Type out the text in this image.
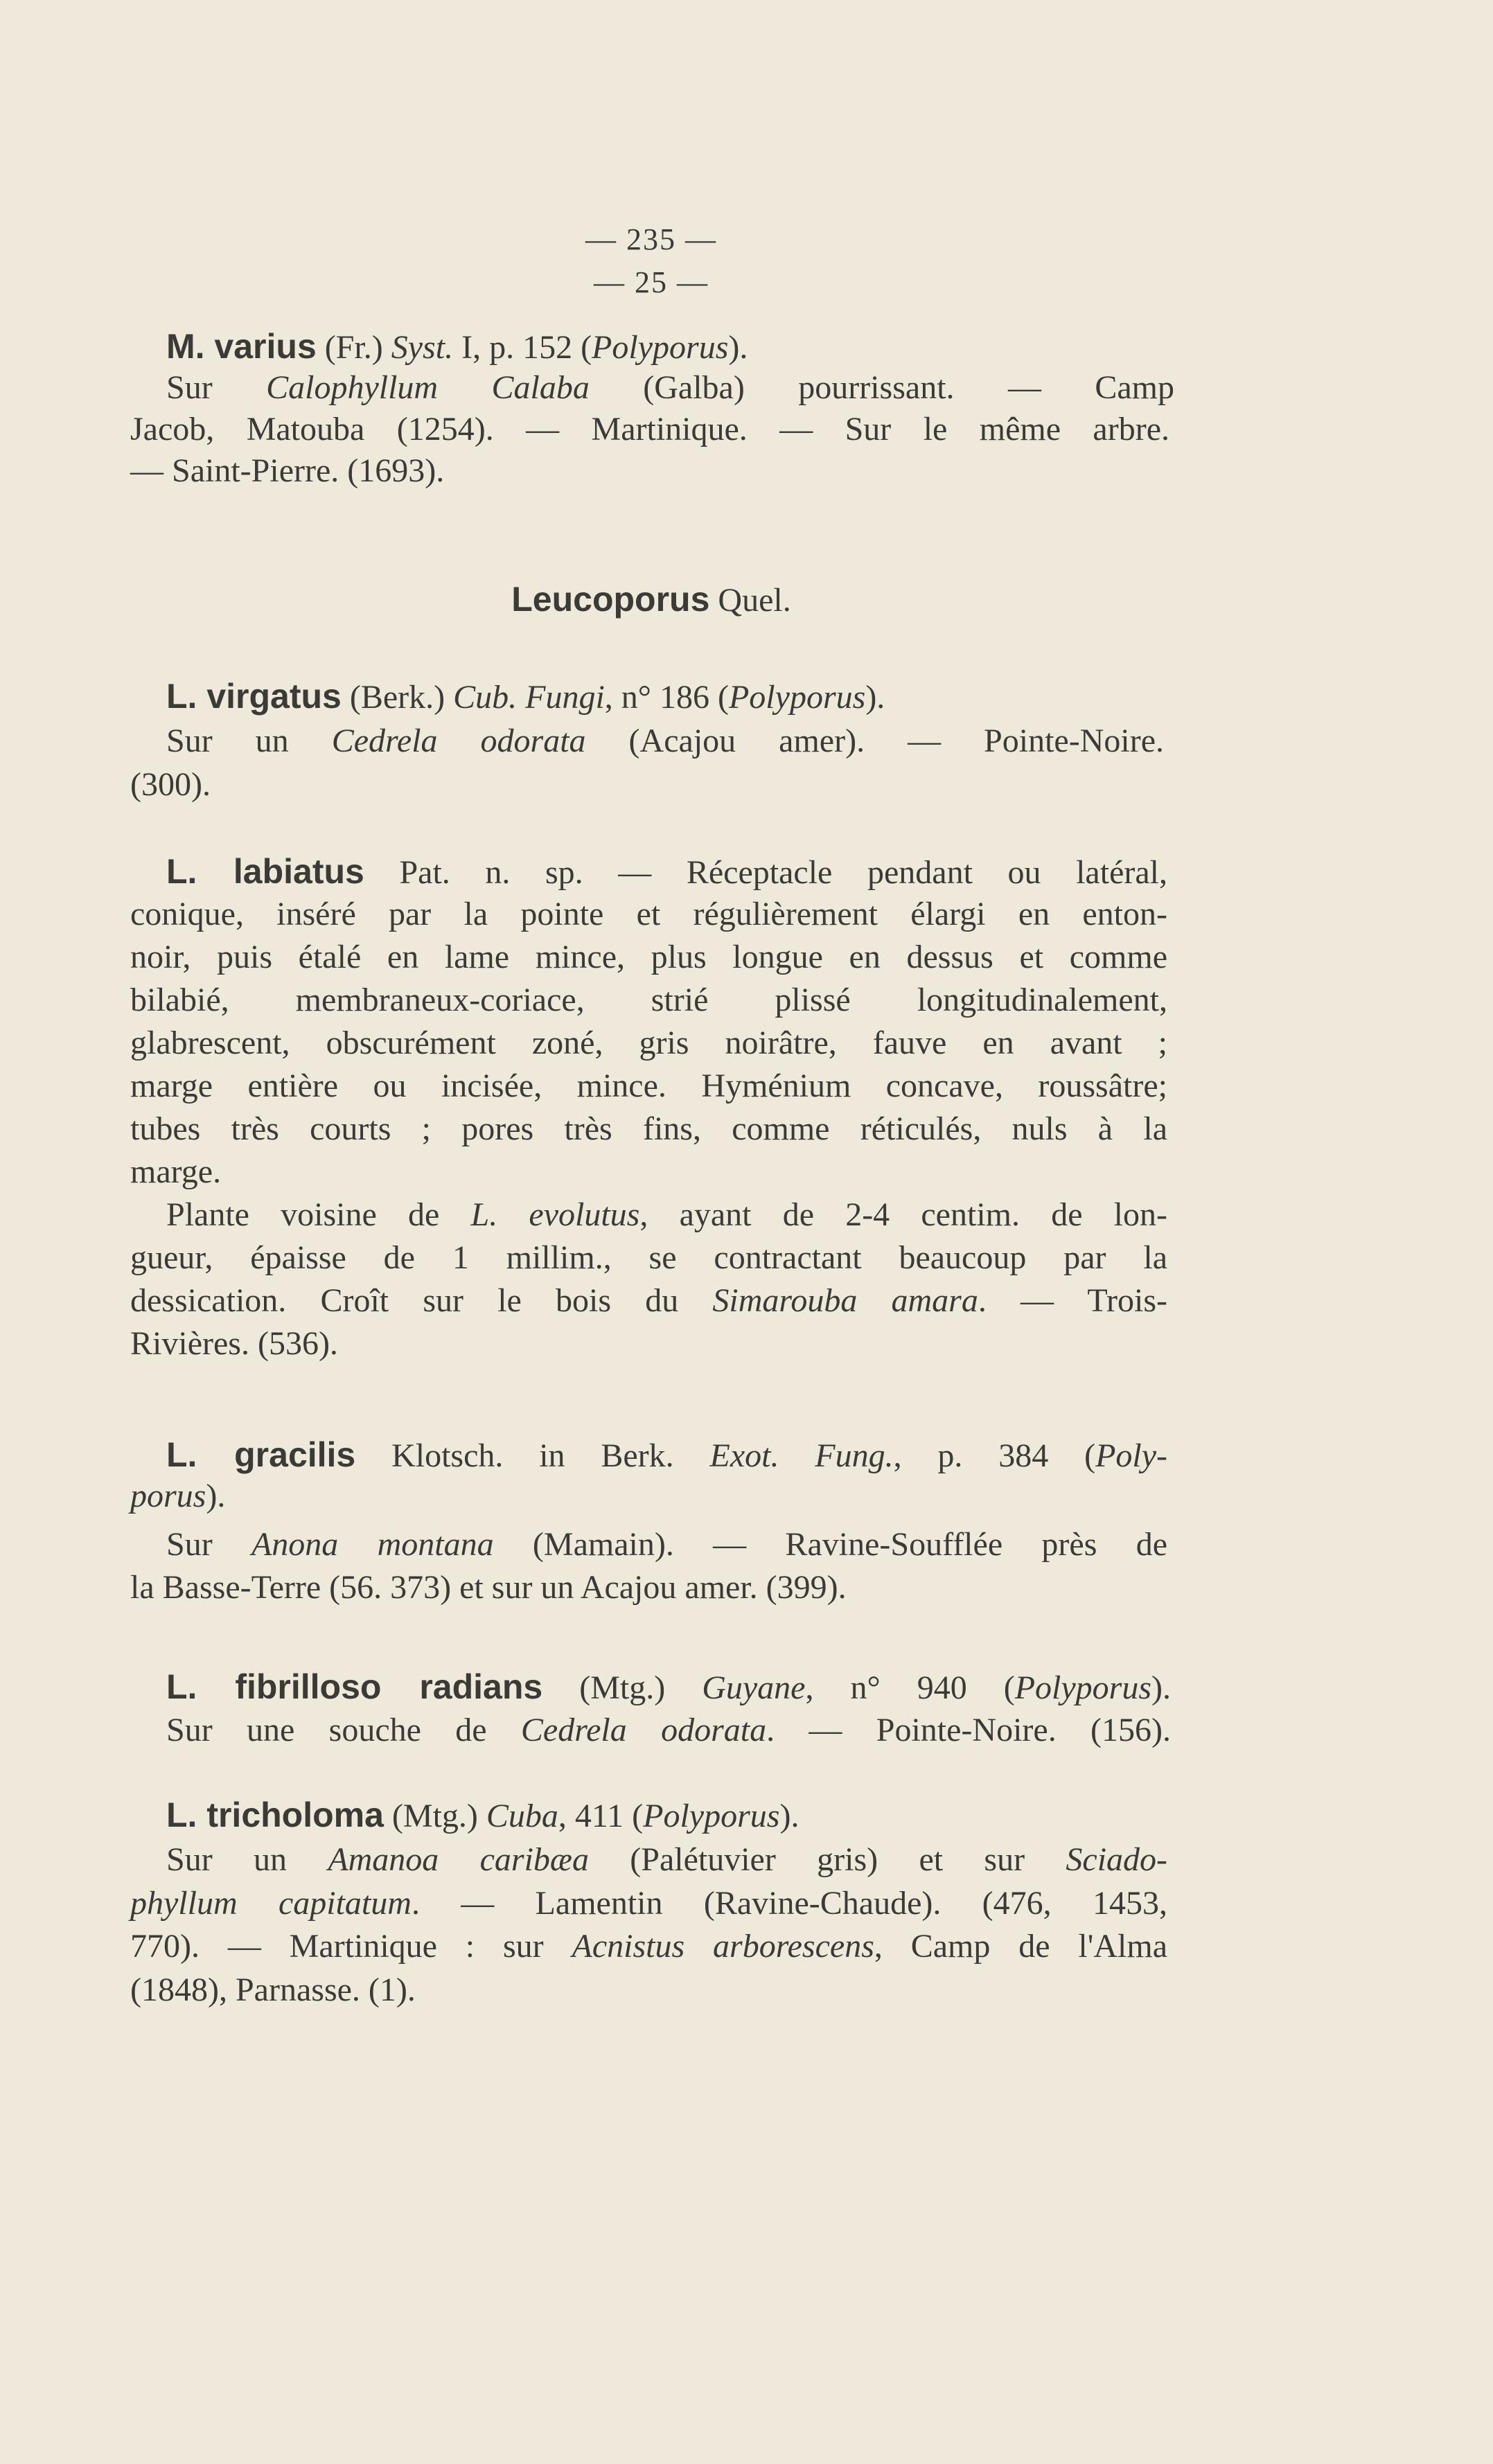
— 235 —
— 25 —
M. varius (Fr.) Syst. I, p. 152 (Polyporus).
Sur Calophyllum Calaba (Galba) pourrissant. — Camp
Jacob, Matouba (1254). — Martinique. — Sur le même arbre.
— Saint-Pierre. (1693).
Leucoporus Quel.
L. virgatus (Berk.) Cub. Fungi, n° 186 (Polyporus).
Sur un Cedrela odorata (Acajou amer). — Pointe-Noire.
(300).
L. labiatus Pat. n. sp. — Réceptacle pendant ou latéral,
conique, inséré par la pointe et régulièrement élargi en enton-
noir, puis étalé en lame mince, plus longue en dessus et comme
bilabié, membraneux-coriace, strié plissé longitudinalement,
glabrescent, obscurément zoné, gris noirâtre, fauve en avant ;
marge entière ou incisée, mince. Hyménium concave, roussâtre;
tubes très courts ; pores très fins, comme réticulés, nuls à la
marge.
Plante voisine de L. evolutus, ayant de 2-4 centim. de lon-
gueur, épaisse de 1 millim., se contractant beaucoup par la
dessication. Croît sur le bois du Simarouba amara. — Trois-
Rivières. (536).
L. gracilis Klotsch. in Berk. Exot. Fung., p. 384 (Poly-
porus).
Sur Anona montana (Mamain). — Ravine-Soufflée près de
la Basse-Terre (56. 373) et sur un Acajou amer. (399).
L. fibrilloso radians (Mtg.) Guyane, n° 940 (Polyporus).
Sur une souche de Cedrela odorata. — Pointe-Noire. (156).
L. tricholoma (Mtg.) Cuba, 411 (Polyporus).
Sur un Amanoa caribæa (Palétuvier gris) et sur Sciado-
phyllum capitatum. — Lamentin (Ravine-Chaude). (476, 1453,
770). — Martinique : sur Acnistus arborescens, Camp de l'Alma
(1848), Parnasse. (1).
